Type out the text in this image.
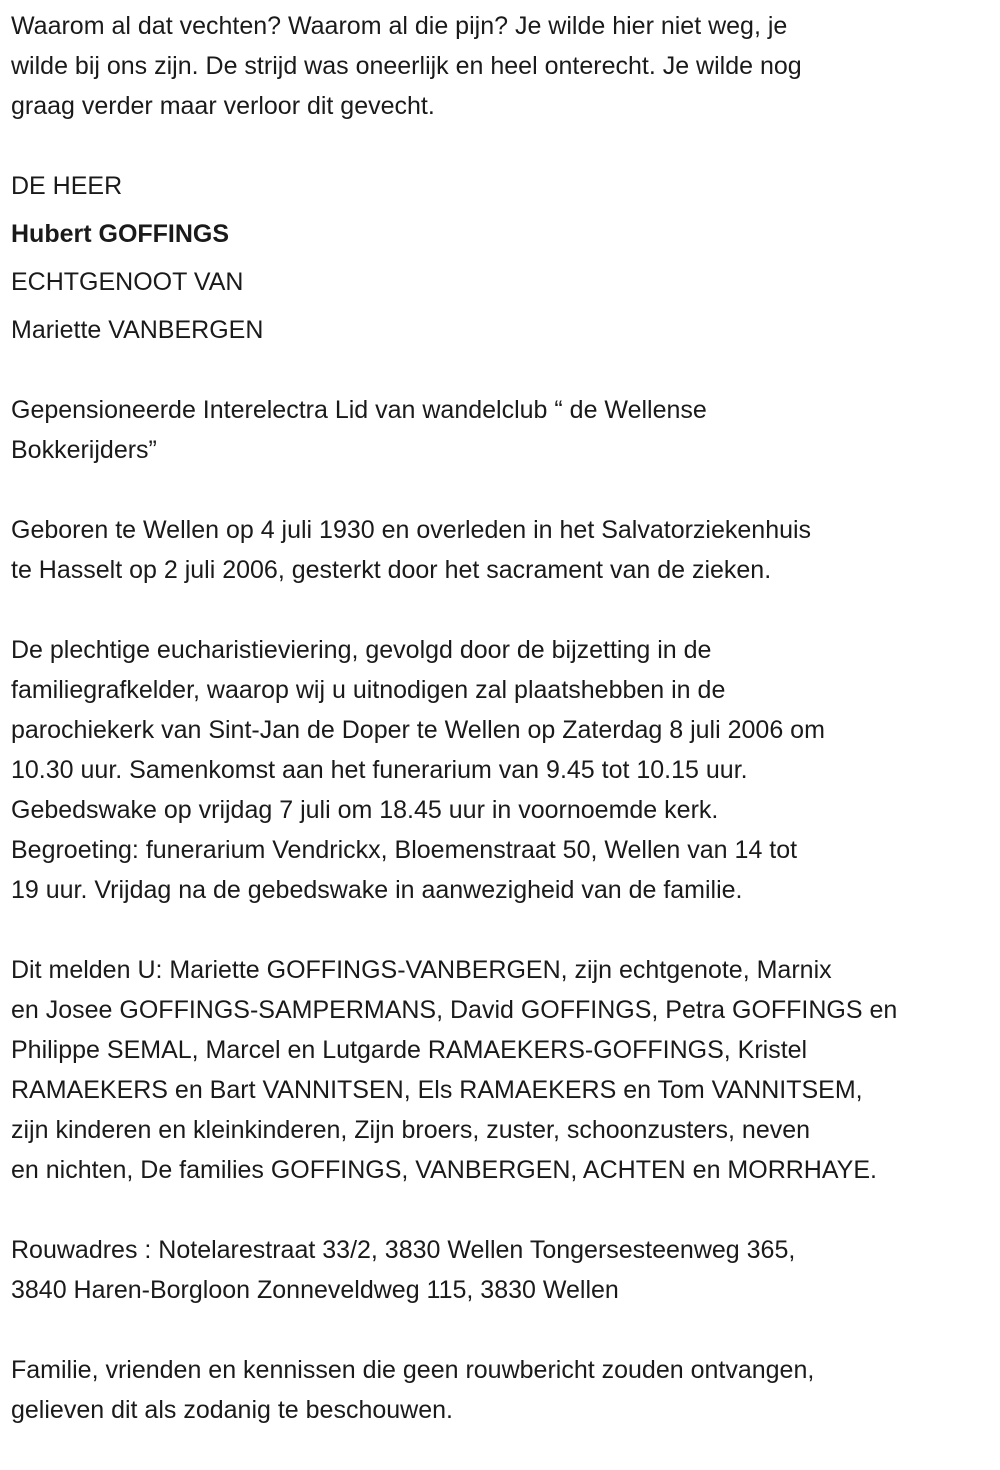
Waarom al dat vechten? Waarom al die pijn? Je wilde hier niet weg, je
wilde bij ons zijn. De strijd was oneerlijk en heel onterecht. Je wilde nog
graag verder maar verloor dit gevecht.
DE HEER
Hubert GOFFINGS
ECHTGENOOT VAN
Mariette VANBERGEN
Gepensioneerde Interelectra Lid van wandelclub “ de Wellense
Bokkerijders”
Geboren te Wellen op 4 juli 1930 en overleden in het Salvatorziekenhuis
te Hasselt op 2 juli 2006, gesterkt door het sacrament van de zieken.
De plechtige eucharistieviering, gevolgd door de bijzetting in de
familiegrafkelder, waarop wij u uitnodigen zal plaatshebben in de
parochiekerk van Sint-Jan de Doper te Wellen op Zaterdag 8 juli 2006 om
10.30 uur. Samenkomst aan het funerarium van 9.45 tot 10.15 uur.
Gebedswake op vrijdag 7 juli om 18.45 uur in voornoemde kerk.
Begroeting: funerarium Vendrickx, Bloemenstraat 50, Wellen van 14 tot
19 uur. Vrijdag na de gebedswake in aanwezigheid van de familie.
Dit melden U: Mariette GOFFINGS-VANBERGEN, zijn echtgenote, Marnix
en Josee GOFFINGS-SAMPERMANS, David GOFFINGS, Petra GOFFINGS en
Philippe SEMAL, Marcel en Lutgarde RAMAEKERS-GOFFINGS, Kristel
RAMAEKERS en Bart VANNITSEN, Els RAMAEKERS en Tom VANNITSEM,
zijn kinderen en kleinkinderen, Zijn broers, zuster, schoonzusters, neven
en nichten, De families GOFFINGS, VANBERGEN, ACHTEN en MORRHAYE.
Rouwadres : Notelarestraat 33/2, 3830 Wellen Tongersesteenweg 365,
3840 Haren-Borgloon Zonneveldweg 115, 3830 Wellen
Familie, vrienden en kennissen die geen rouwbericht zouden ontvangen,
gelieven dit als zodanig te beschouwen.
